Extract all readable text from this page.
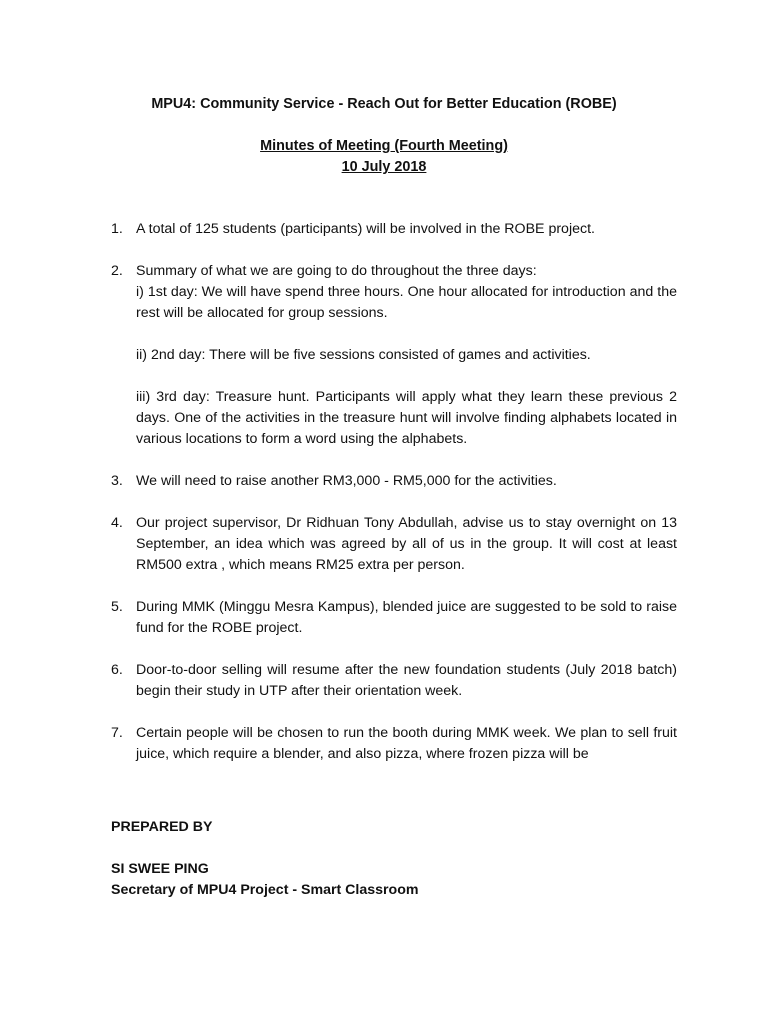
MPU4: Community Service - Reach Out for Better Education (ROBE)
Minutes of Meeting (Fourth Meeting)
10 July 2018
1. A total of 125 students (participants) will be involved in the ROBE project.

2. Summary of what we are going to do throughout the three days:

i) 1st day: We will have spend three hours. One hour allocated for introduction and the rest will be allocated for group sessions.

ii) 2nd day: There will be five sessions consisted of games and activities.

iii) 3rd day: Treasure hunt. Participants will apply what they learn these previous 2 days. One of the activities in the treasure hunt will involve finding alphabets located in various locations to form a word using the alphabets.

3. We will need to raise another RM3,000 - RM5,000 for the activities.

4. Our project supervisor, Dr Ridhuan Tony Abdullah, advise us to stay overnight on 13 September, an idea which was agreed by all of us in the group. It will cost at least RM500 extra , which means RM25 extra per person.

5. During MMK (Minggu Mesra Kampus), blended juice are suggested to be sold to raise fund for the ROBE project.

6. Door-to-door selling will resume after the new foundation students (July 2018 batch) begin their study in UTP after their orientation week.

7. Certain people will be chosen to run the booth during MMK week. We plan to sell fruit juice, which require a blender, and also pizza, where frozen pizza will be

PREPARED BY
SI SWEE PING
Secretary of MPU4 Project - Smart Classroom
